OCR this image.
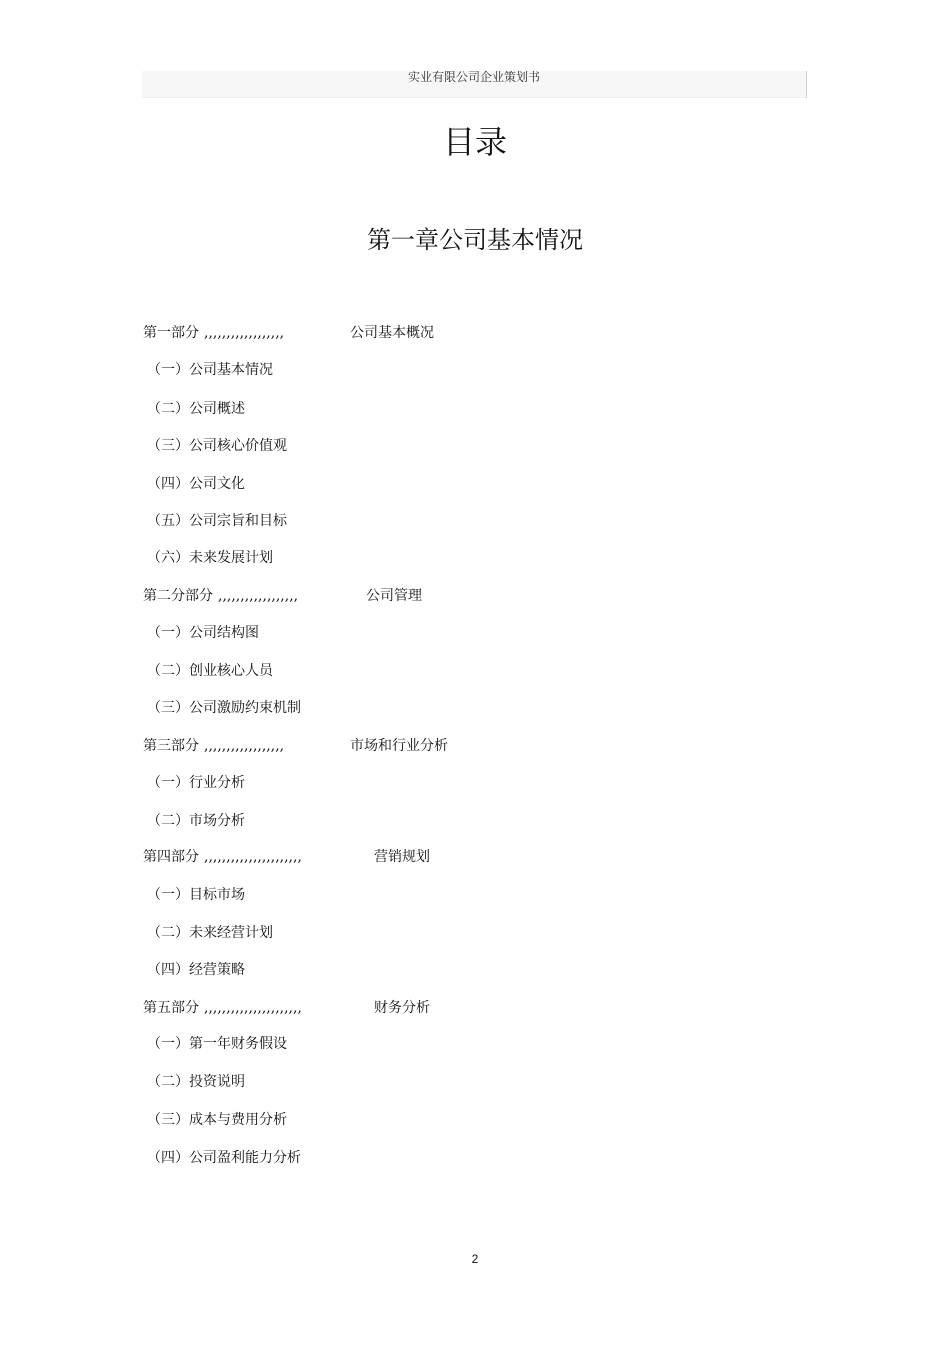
实业有限公司企业策划书
目录
第一章公司基本情况
第一部分 ,,,,,,,,,,,,,,,,,,	公司基本概况
（一）公司基本情况
（二）公司概述
（三）公司核心价值观
（四）公司文化
（五）公司宗旨和目标
（六）未来发展计划
第二分部分 ,,,,,,,,,,,,,,,,,,	公司管理
（一）公司结构图
（二）创业核心人员
（三）公司激励约束机制
第三部分 ,,,,,,,,,,,,,,,,,,	市场和行业分析
（一）行业分析
（二）市场分析
第四部分 ,,,,,,,,,,,,,,,,,,,,,,	营销规划
（一）目标市场
（二）未来经营计划
（四）经营策略
第五部分 ,,,,,,,,,,,,,,,,,,,,,,	财务分析
（一）第一年财务假设
（二）投资说明
（三）成本与费用分析
（四）公司盈利能力分析
2
